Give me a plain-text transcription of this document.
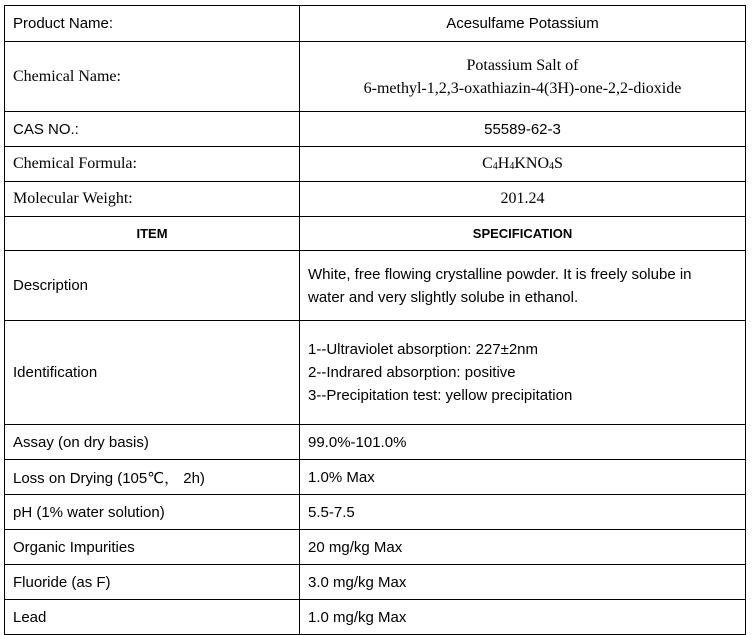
Product Name:	Acesulfame Potassium
Chemical Name:	Potassium Salt of
6-methyl-1,2,3-oxathiazin-4(3H)-one-2,2-dioxide

CAS NO.:	55589-62-3
Chemical Formula:	$C_4H_4KNO_4S$
Molecular Weight:	201.24
ITEM	SPECIFICATION
Description	White, free flowing crystalline powder. It is freely solube in
water and very slightly solube in ethanol.

Identification	1--Ultraviolet absorption: 227±2nm
2--Indrared absorption: positive
3--Precipitation test: yellow precipitation

Assay (on dry basis)	99.0%-101.0%
Loss on Drying (105℃， 2h)	1.0% Max
pH (1% water solution)	5.5-7.5
Organic Impurities	20 mg/kg Max
Fluoride (as F)	3.0 mg/kg Max
Lead	1.0 mg/kg Max
